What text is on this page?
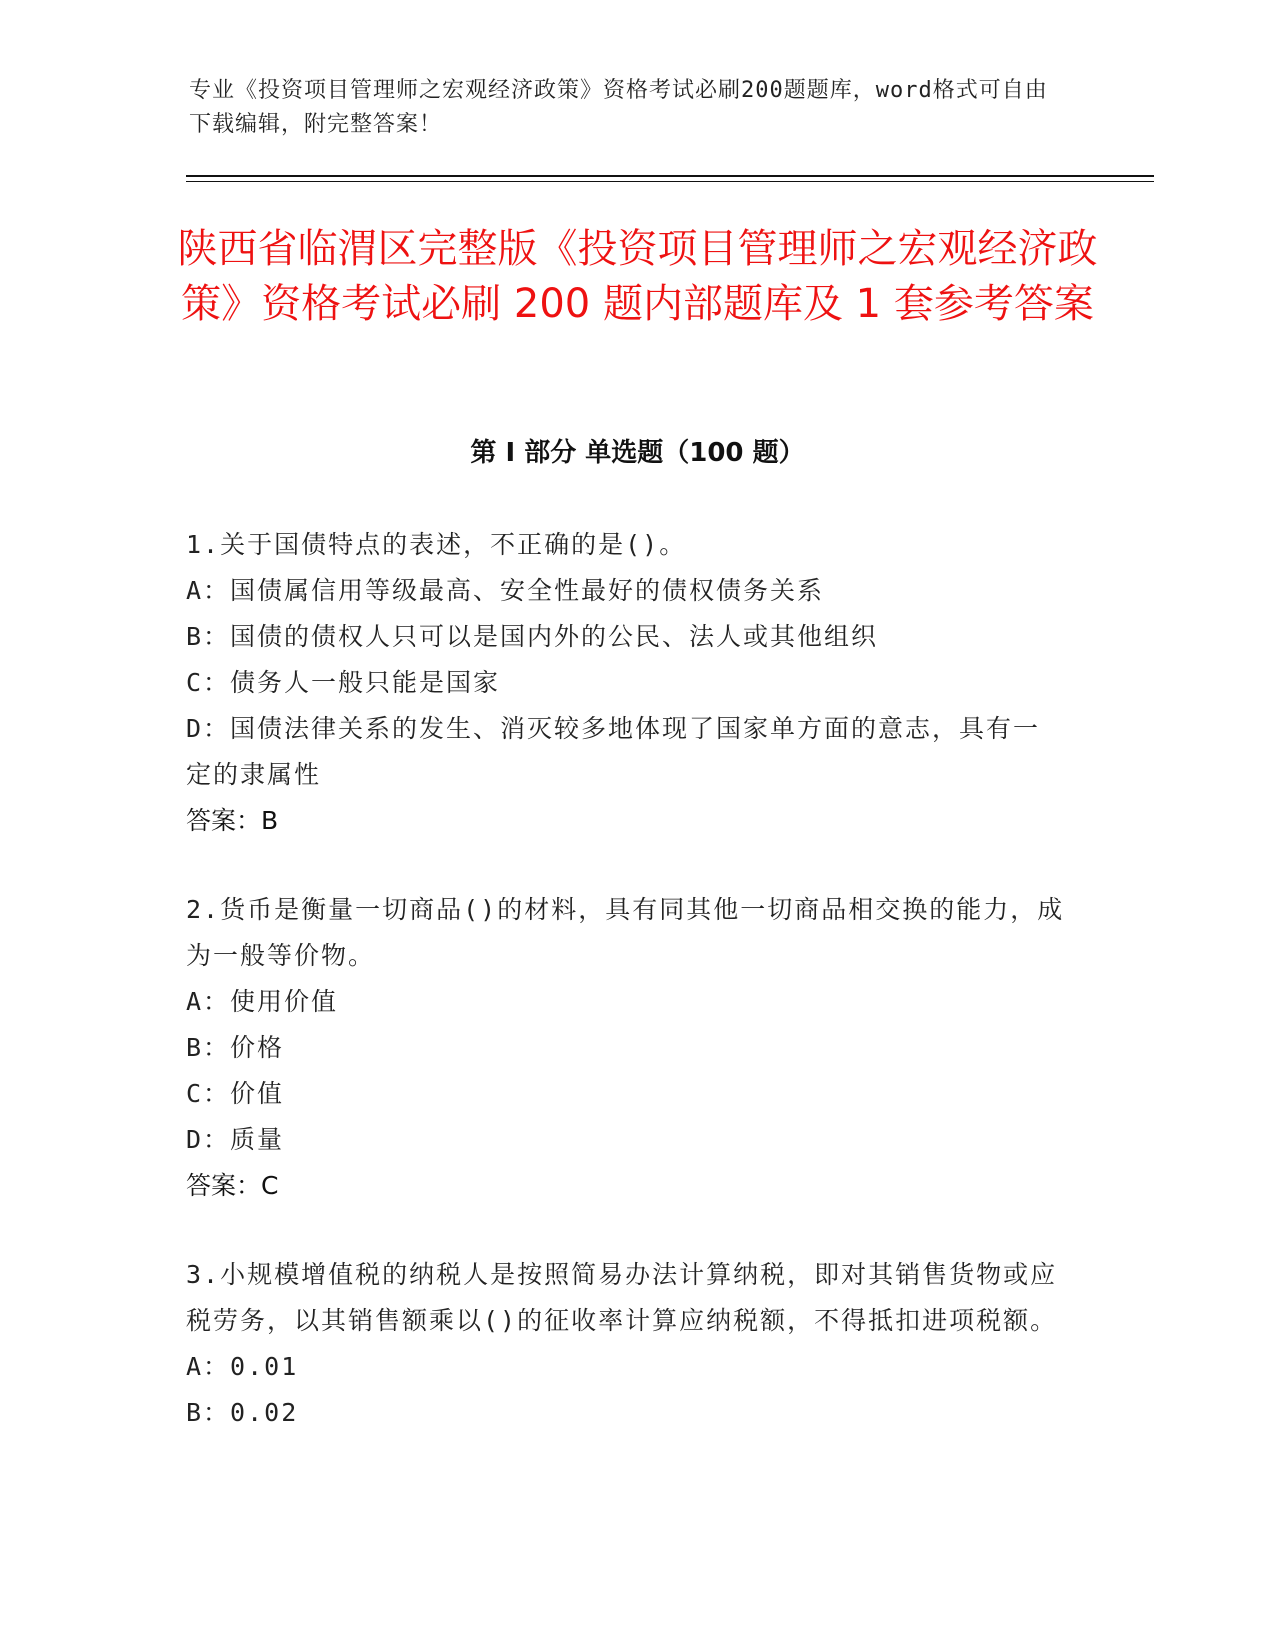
专业《投资项目管理师之宏观经济政策》资格考试必刷200题题库，word格式可自由下载编辑，附完整答案！
陕西省临渭区完整版《投资项目管理师之宏观经济政策》资格考试必刷 200 题内部题库及 1 套参考答案
第 I 部分 单选题（100 题）

1.关于国债特点的表述，不正确的是()。

A：国债属信用等级最高、安全性最好的债权债务关系

B：国债的债权人只可以是国内外的公民、法人或其他组织

C：债务人一般只能是国家

D：国债法律关系的发生、消灭较多地体现了国家单方面的意志，具有一定的隶属性

答案：B

2.货币是衡量一切商品()的材料，具有同其他一切商品相交换的能力，成为一般等价物。

A：使用价值

B：价格

C：价值

D：质量

答案：C

3.小规模增值税的纳税人是按照简易办法计算纳税，即对其销售货物或应税劳务，以其销售额乘以()的征收率计算应纳税额，不得抵扣进项税额。

A：0.01

B：0.02
